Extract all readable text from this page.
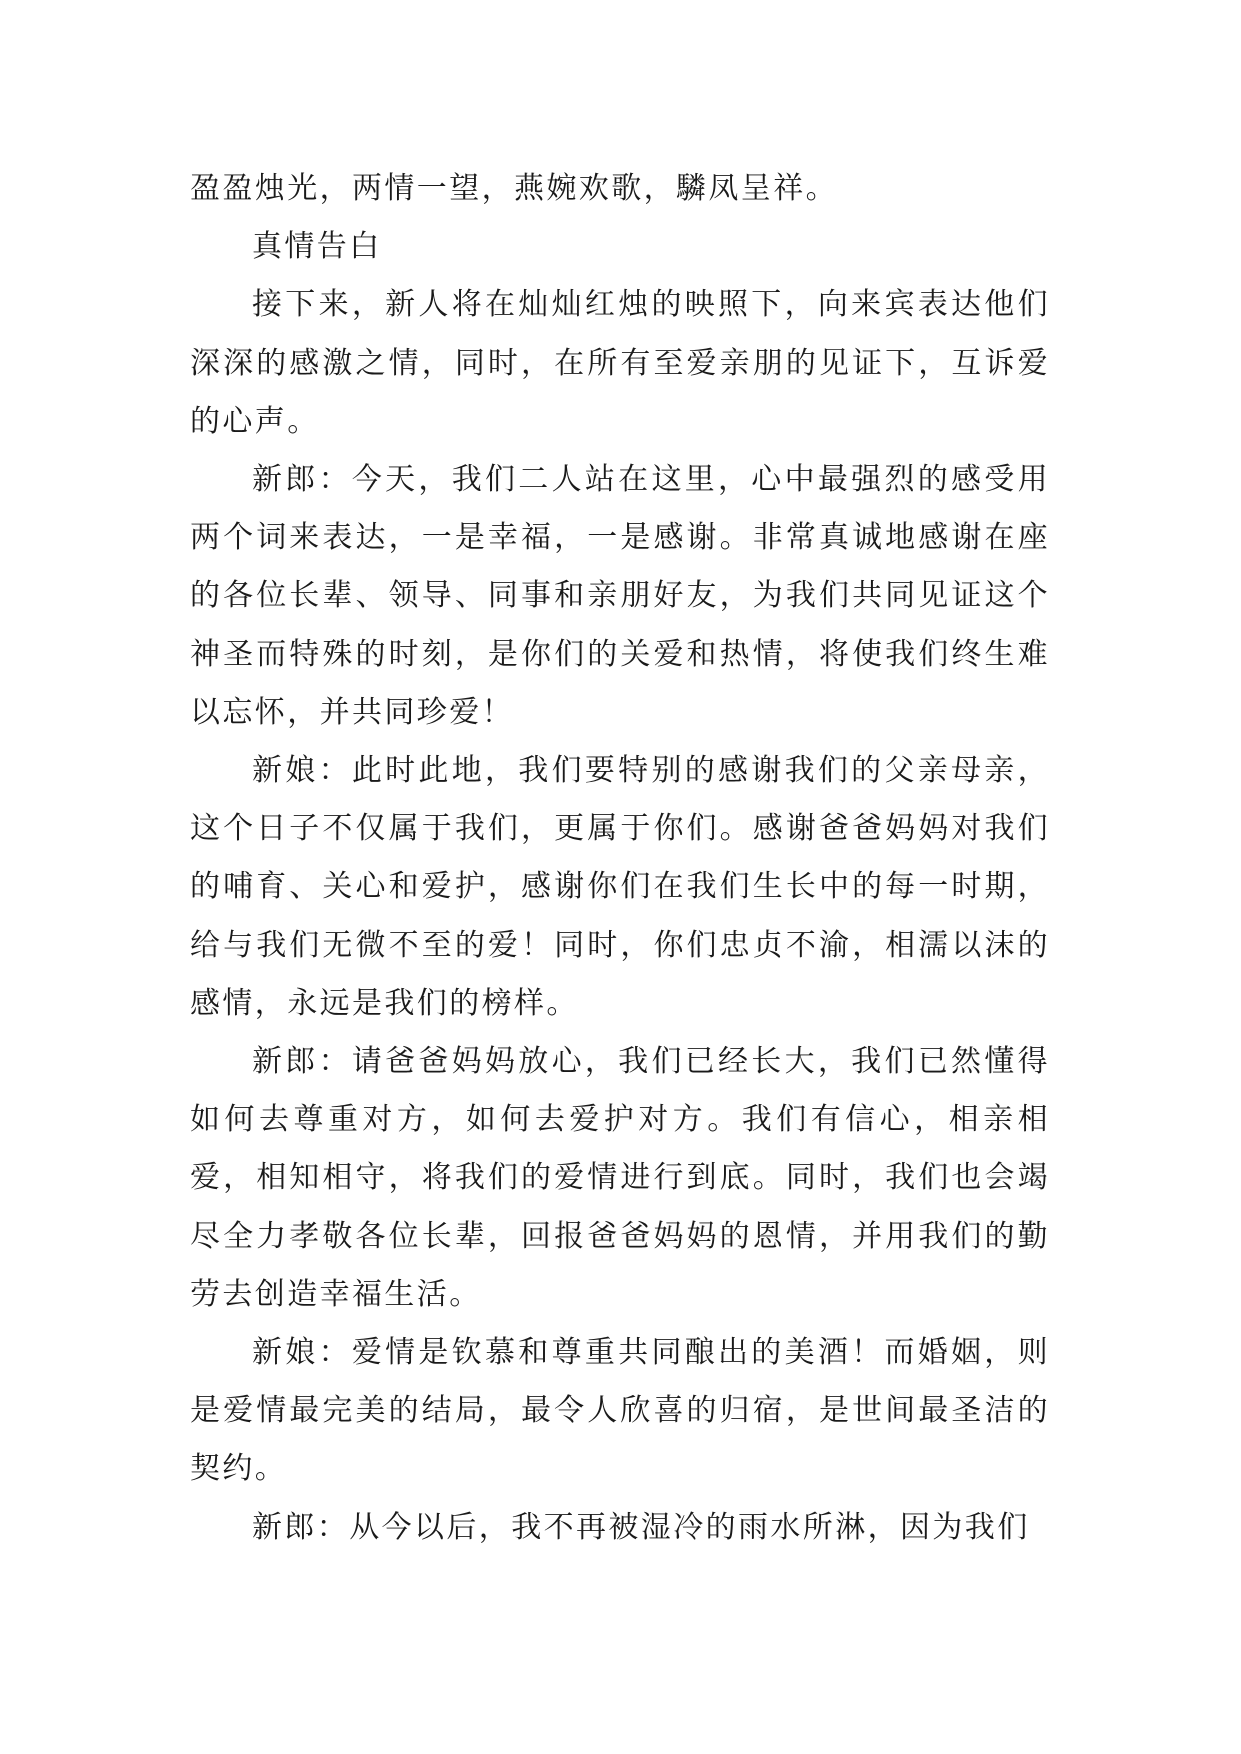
盈盈烛光，两情一望，燕婉欢歌，驎凤呈祥。

真情告白

接下来，新人将在灿灿红烛的映照下，向来宾表达他们深深的感激之情，同时，在所有至爱亲朋的见证下，互诉爱的心声。

新郎：今天，我们二人站在这里，心中最强烈的感受用两个词来表达，一是幸福，一是感谢。非常真诚地感谢在座的各位长辈、领导、同事和亲朋好友，为我们共同见证这个神圣而特殊的时刻，是你们的关爱和热情，将使我们终生难以忘怀，并共同珍爱！

新娘：此时此地，我们要特别的感谢我们的父亲母亲，这个日子不仅属于我们，更属于你们。感谢爸爸妈妈对我们的哺育、关心和爱护，感谢你们在我们生长中的每一时期，给与我们无微不至的爱！同时，你们忠贞不渝，相濡以沫的感情，永远是我们的榜样。

新郎：请爸爸妈妈放心，我们已经长大，我们已然懂得如何去尊重对方，如何去爱护对方。我们有信心，相亲相爱，相知相守，将我们的爱情进行到底。同时，我们也会竭尽全力孝敬各位长辈，回报爸爸妈妈的恩情，并用我们的勤劳去创造幸福生活。

新娘：爱情是钦慕和尊重共同酿出的美酒！而婚姻，则是爱情最完美的结局，最令人欣喜的归宿，是世间最圣洁的契约。

新郎：从今以后，我不再被湿冷的雨水所淋，因为我们
